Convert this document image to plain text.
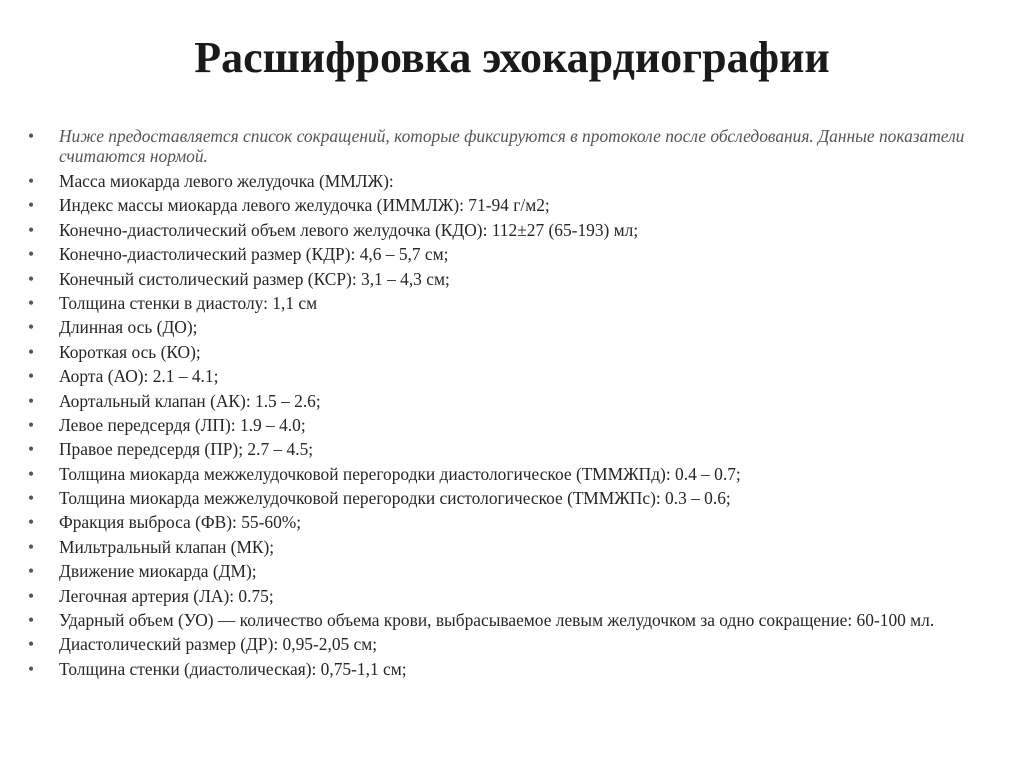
Расшифровка эхокардиографии
•	Ниже предоставляется список сокращений, которые фиксируются в протоколе после обследования. Данные показатели считаются нормой.
•	Масса миокарда левого желудочка (ММЛЖ):
•	Индекс массы миокарда левого желудочка (ИММЛЖ): 71-94 г/м2;
•	Конечно-диастолический объем левого желудочка (КДО): 112±27 (65-193) мл;
•	Конечно-диастолический размер (КДР): 4,6 – 5,7 см;
•	Конечный систолический размер (КСР): 3,1 – 4,3 см;
•	Толщина стенки в диастолу: 1,1 см
•	Длинная ось (ДО);
•	Короткая ось (КО);
•	Аорта (АО): 2.1 – 4.1;
•	Аортальный клапан (АК): 1.5 – 2.6;
•	Левое передсердя (ЛП): 1.9 – 4.0;
•	Правое передсердя (ПР); 2.7 – 4.5;
•	Толщина миокарда межжелудочковой перегородки диастологическое (ТММЖПд): 0.4 – 0.7;
•	Толщина миокарда межжелудочковой перегородки систологическое (ТММЖПс): 0.3 – 0.6;
•	Фракция выброса (ФВ): 55-60%;
•	Мильтральный клапан (МК);
•	Движение миокарда (ДМ);
•	Легочная артерия (ЛА): 0.75;
•	Ударный объем (УО) — количество объема крови, выбрасываемое левым желудочком за одно сокращение: 60-100 мл.
•	Диастолический размер (ДР): 0,95-2,05 см;
•	Толщина стенки (диастолическая): 0,75-1,1 см;
